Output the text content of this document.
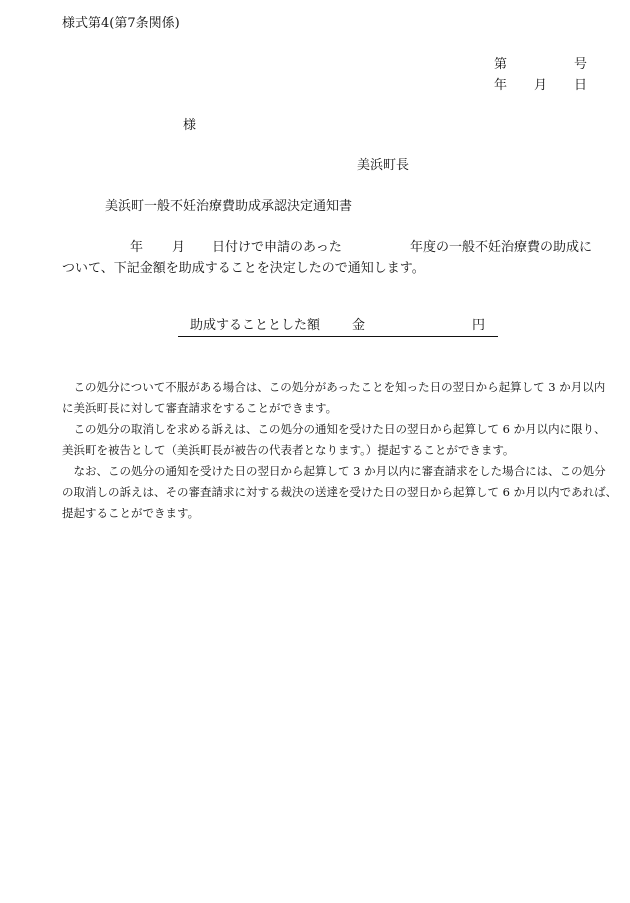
様式第4(第7条関係)
第	号
年 月 日
様
美浜町長
美浜町一般不妊治療費助成承認決定通知書
年 月 日付けで申請のあった	年度の一般不妊治療費の助成に
ついて、下記金額を助成することを決定したので通知します。
助成することとした額 金	円
　この処分について不服がある場合は、この処分があったことを知った日の翌日から起算して 3 か月以内
に美浜町長に対して審査請求をすることができます。
　この処分の取消しを求める訴えは、この処分の通知を受けた日の翌日から起算して 6 か月以内に限り、
美浜町を被告として（美浜町長が被告の代表者となります。）提起することができます。
　なお、この処分の通知を受けた日の翌日から起算して 3 か月以内に審査請求をした場合には、この処分
の取消しの訴えは、その審査請求に対する裁決の送達を受けた日の翌日から起算して 6 か月以内であれば、
提起することができます。
